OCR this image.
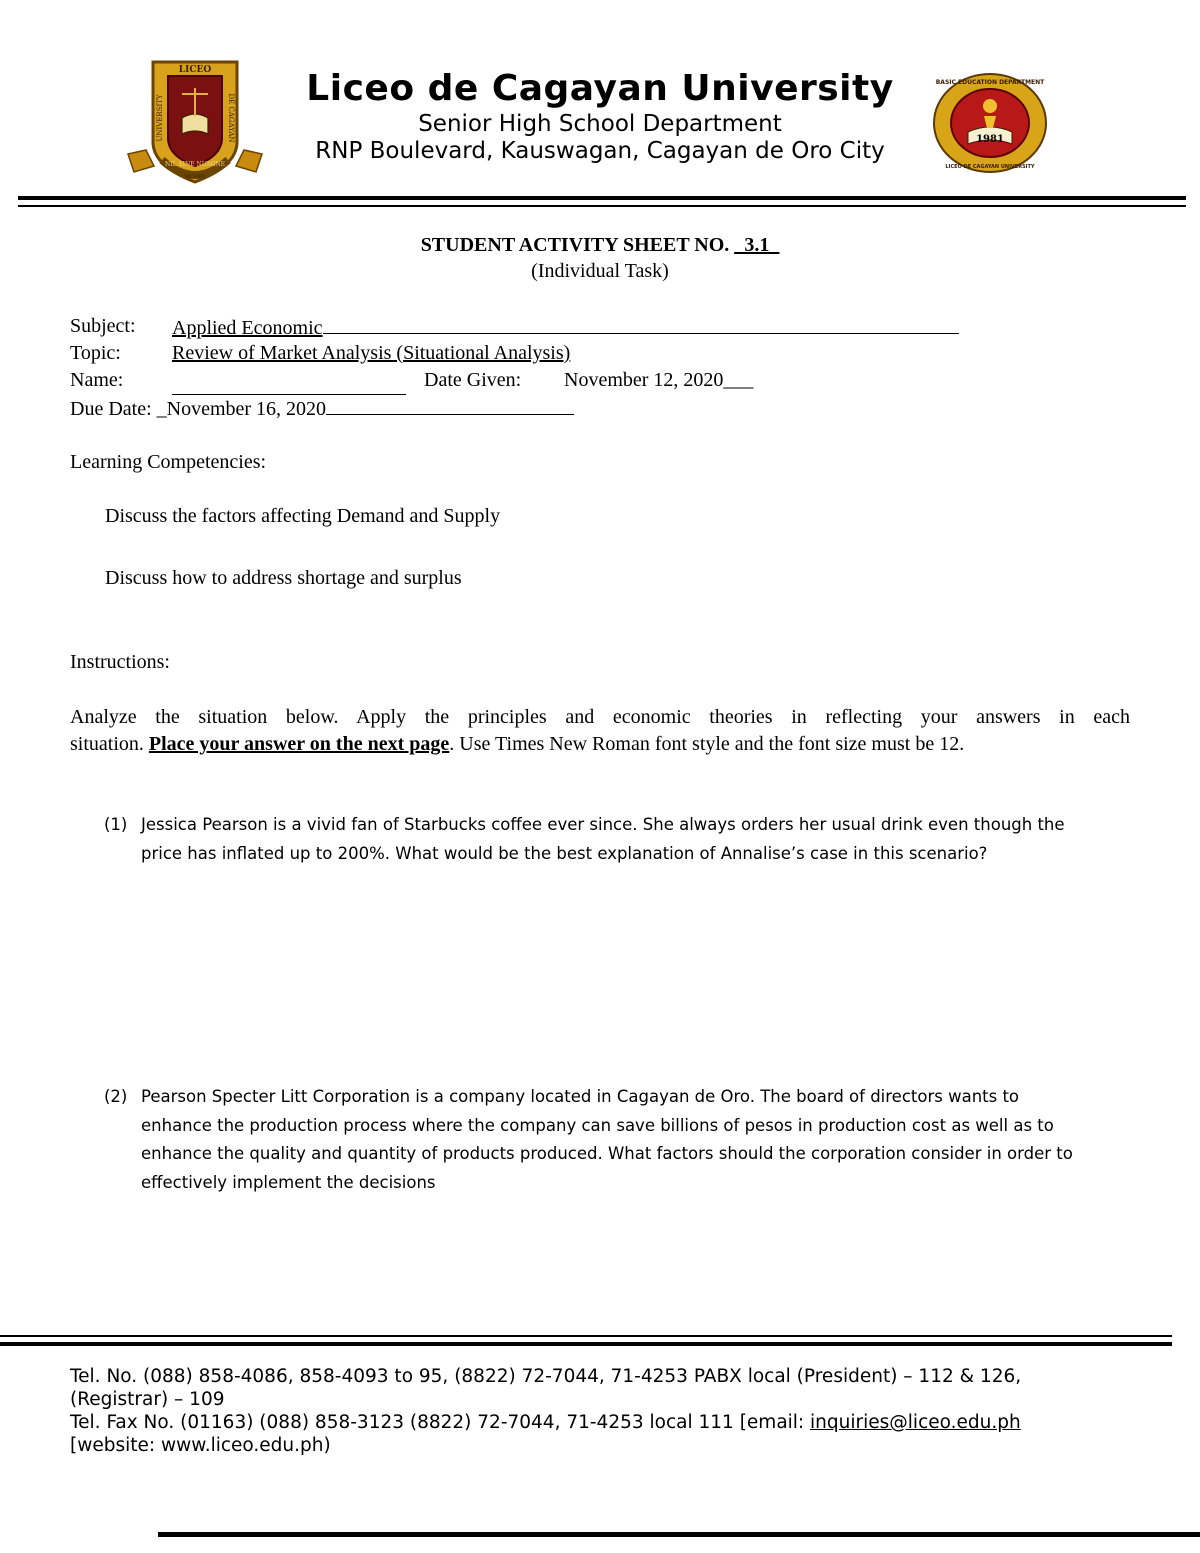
LICEO
UNIVERSITY	DE CAGAYAN
NIL SINE NUMINE
MCMLV
Liceo de Cagayan University
Senior High School Department
RNP Boulevard, Kauswagan, Cagayan de Oro City
BASIC EDUCATION DEPARTMENT
LICEO DE CAGAYAN UNIVERSITY
1981
STUDENT ACTIVITY SHEET NO. _3.1_
(Individual Task)
Subject: Applied Economic
Topic:	Review of Market Analysis (Situational Analysis)
Name:	Date Given: November 12, 2020___
Due Date: _November 16, 2020
Learning Competencies:
Discuss the factors affecting Demand and Supply
Discuss how to address shortage and surplus
Instructions:
Analyze the situation below. Apply the principles and economic theories in reflecting your answers in each
situation. Place your answer on the next page. Use Times New Roman font style and the font size must be 12.
(1) Jessica Pearson is a vivid fan of Starbucks coffee ever since. She always orders her usual drink even though the
price has inflated up to 200%. What would be the best explanation of Annalise’s case in this scenario?
(2) Pearson Specter Litt Corporation is a company located in Cagayan de Oro. The board of directors wants to
enhance the production process where the company can save billions of pesos in production cost as well as to
enhance the quality and quantity of products produced. What factors should the corporation consider in order to
effectively implement the decisions
Tel. No. (088) 858-4086, 858-4093 to 95, (8822) 72-7044, 71-4253 PABX local (President) – 112 & 126,
(Registrar) – 109
Tel. Fax No. (01163) (088) 858-3123 (8822) 72-7044, 71-4253 local 111 [email: inquiries@liceo.edu.ph
[website: www.liceo.edu.ph)
